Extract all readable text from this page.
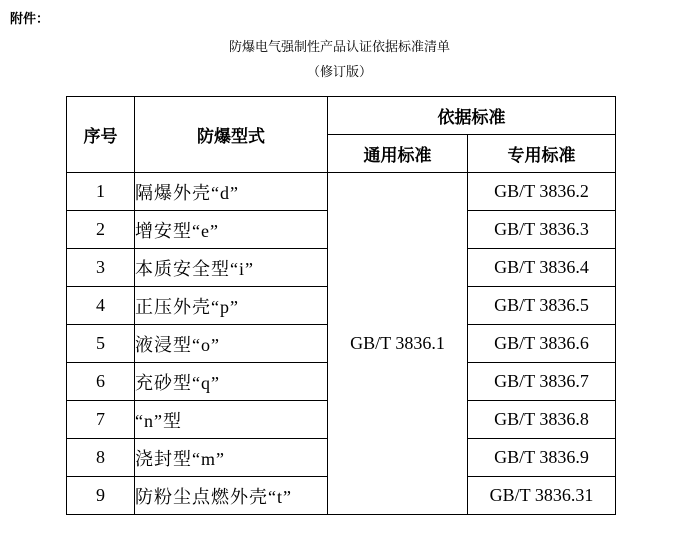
附件：
防爆电气强制性产品认证依据标准清单
（修订版）
序号	防爆型式	依据标准	
		通用标准	专用标准
1	隔爆外壳“d”	GB/T 3836.1	GB/T 3836.2
2	增安型“e”		GB/T 3836.3
3	本质安全型“i”		GB/T 3836.4
4	正压外壳“p”		GB/T 3836.5
5	液浸型“o”		GB/T 3836.6
6	充砂型“q”		GB/T 3836.7
7	“n”型		GB/T 3836.8
8	浇封型“m”		GB/T 3836.9
9	防粉尘点燃外壳“t”		GB/T 3836.31
